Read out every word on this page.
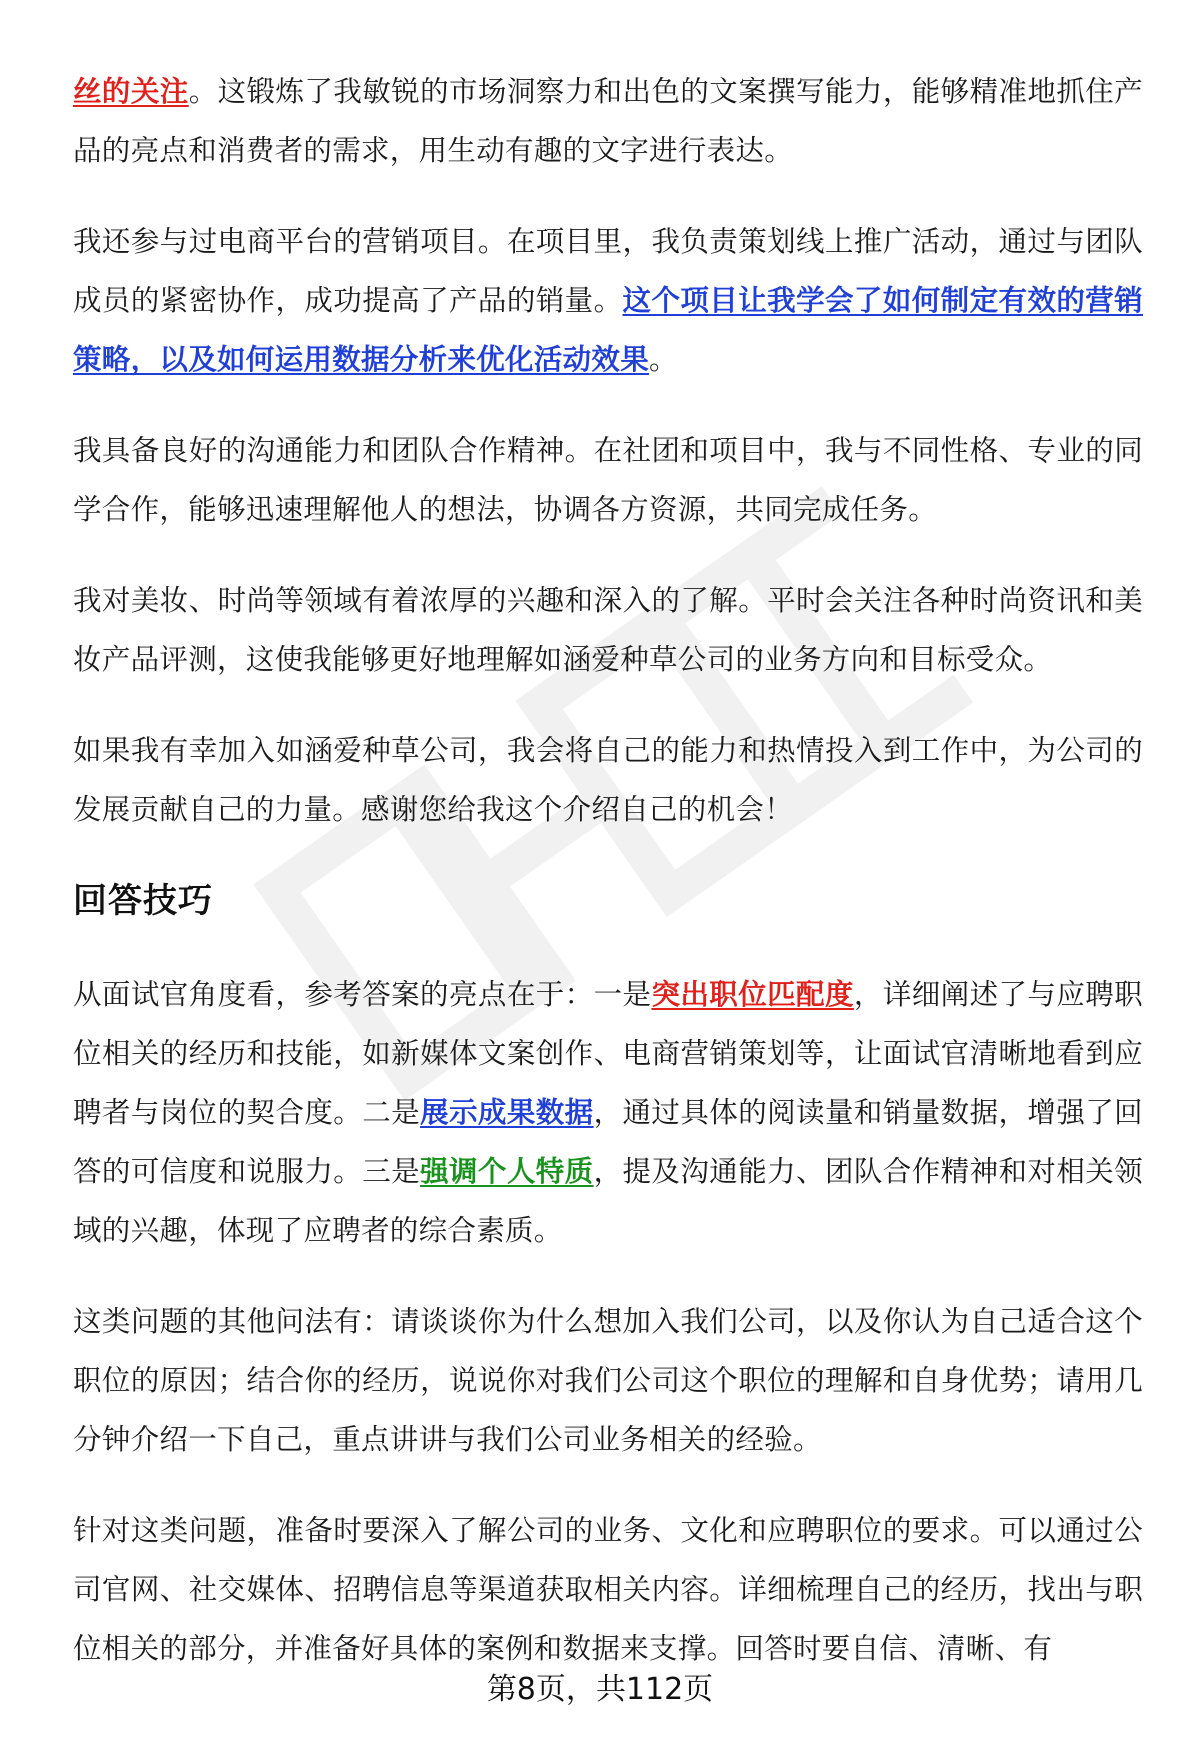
丝的关注。这锻炼了我敏锐的市场洞察力和出色的文案撰写能力，能够精准地抓住产品的亮点和消费者的需求，用生动有趣的文字进行表达。

我还参与过电商平台的营销项目。在项目里，我负责策划线上推广活动，通过与团队成员的紧密协作，成功提高了产品的销量。这个项目让我学会了如何制定有效的营销策略，以及如何运用数据分析来优化活动效果。

我具备良好的沟通能力和团队合作精神。在社团和项目中，我与不同性格、专业的同学合作，能够迅速理解他人的想法，协调各方资源，共同完成任务。

我对美妆、时尚等领域有着浓厚的兴趣和深入的了解。平时会关注各种时尚资讯和美妆产品评测，这使我能够更好地理解如涵爱种草公司的业务方向和目标受众。

如果我有幸加入如涵爱种草公司，我会将自己的能力和热情投入到工作中，为公司的发展贡献自己的力量。感谢您给我这个介绍自己的机会！

回答技巧

从面试官角度看，参考答案的亮点在于：一是突出职位匹配度，详细阐述了与应聘职位相关的经历和技能，如新媒体文案创作、电商营销策划等，让面试官清晰地看到应聘者与岗位的契合度。二是展示成果数据，通过具体的阅读量和销量数据，增强了回答的可信度和说服力。三是强调个人特质，提及沟通能力、团队合作精神和对相关领域的兴趣，体现了应聘者的综合素质。

这类问题的其他问法有：请谈谈你为什么想加入我们公司，以及你认为自己适合这个职位的原因；结合你的经历，说说你对我们公司这个职位的理解和自身优势；请用几分钟介绍一下自己，重点讲讲与我们公司业务相关的经验。

针对这类问题，准备时要深入了解公司的业务、文化和应聘职位的要求。可以通过公司官网、社交媒体、招聘信息等渠道获取相关内容。详细梳理自己的经历，找出与职位相关的部分，并准备好具体的案例和数据来支撑。回答时要自信、清晰、有

第8页，共112页
